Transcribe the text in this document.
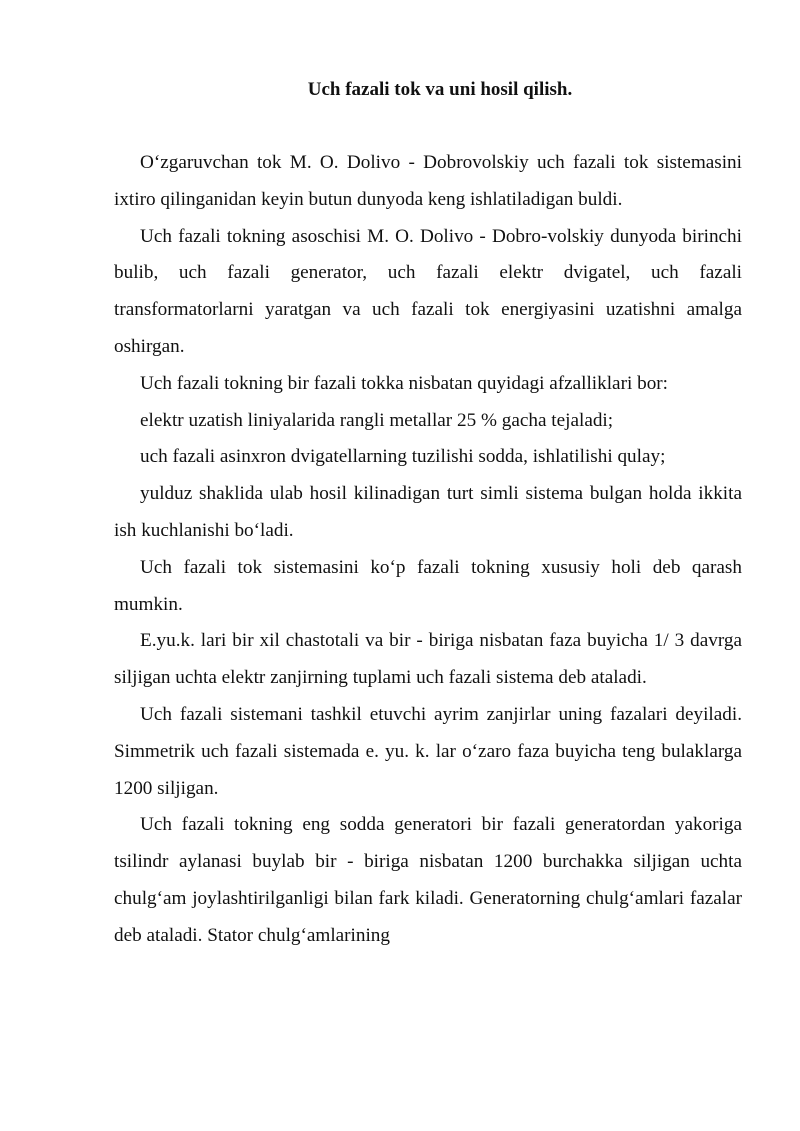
Uch fazali tok va uni hosil qilish.

O‘zgaruvchan tok M. O. Dolivo - Dobrovolskiy uch fazali tok sistemasini ixtiro qilinganidan keyin butun dunyoda keng ishlatiladigan buldi.

Uch fazali tokning asoschisi M. O. Dolivo - Dobro-volskiy dunyoda birinchi bulib, uch fazali generator, uch fazali elektr dvigatel, uch fazali transformatorlarni yaratgan va uch fazali tok energiyasini uzatishni amalga oshirgan.

Uch fazali tokning bir fazali tokka nisbatan quyidagi afzalliklari bor:

elektr uzatish liniyalarida rangli metallar 25 % gacha tejaladi;

uch fazali asinxron dvigatellarning tuzilishi sodda, ishlatilishi qulay;

yulduz shaklida ulab hosil kilinadigan turt simli sistema bulgan holda ikkita ish kuchlanishi bo‘ladi.

Uch fazali tok sistemasini ko‘p fazali tokning xususiy holi deb qarash mumkin.

E.yu.k. lari bir xil chastotali va bir - biriga nisbatan faza buyicha 1/ 3 davrga siljigan uchta elektr zanjirning tuplami uch fazali sistema deb ataladi.

Uch fazali sistemani tashkil etuvchi ayrim zanjirlar uning fazalari deyiladi. Simmetrik uch fazali sistemada e. yu. k. lar o‘zaro faza buyicha teng bulaklarga 1200 siljigan.

Uch fazali tokning eng sodda generatori bir fazali generatordan yakoriga tsilindr aylanasi buylab bir - biriga nisbatan 1200 burchakka siljigan uchta chulg‘am joylashtirilganligi bilan fark kiladi. Generatorning chulg‘amlari fazalar deb ataladi. Stator chulg‘amlarining
